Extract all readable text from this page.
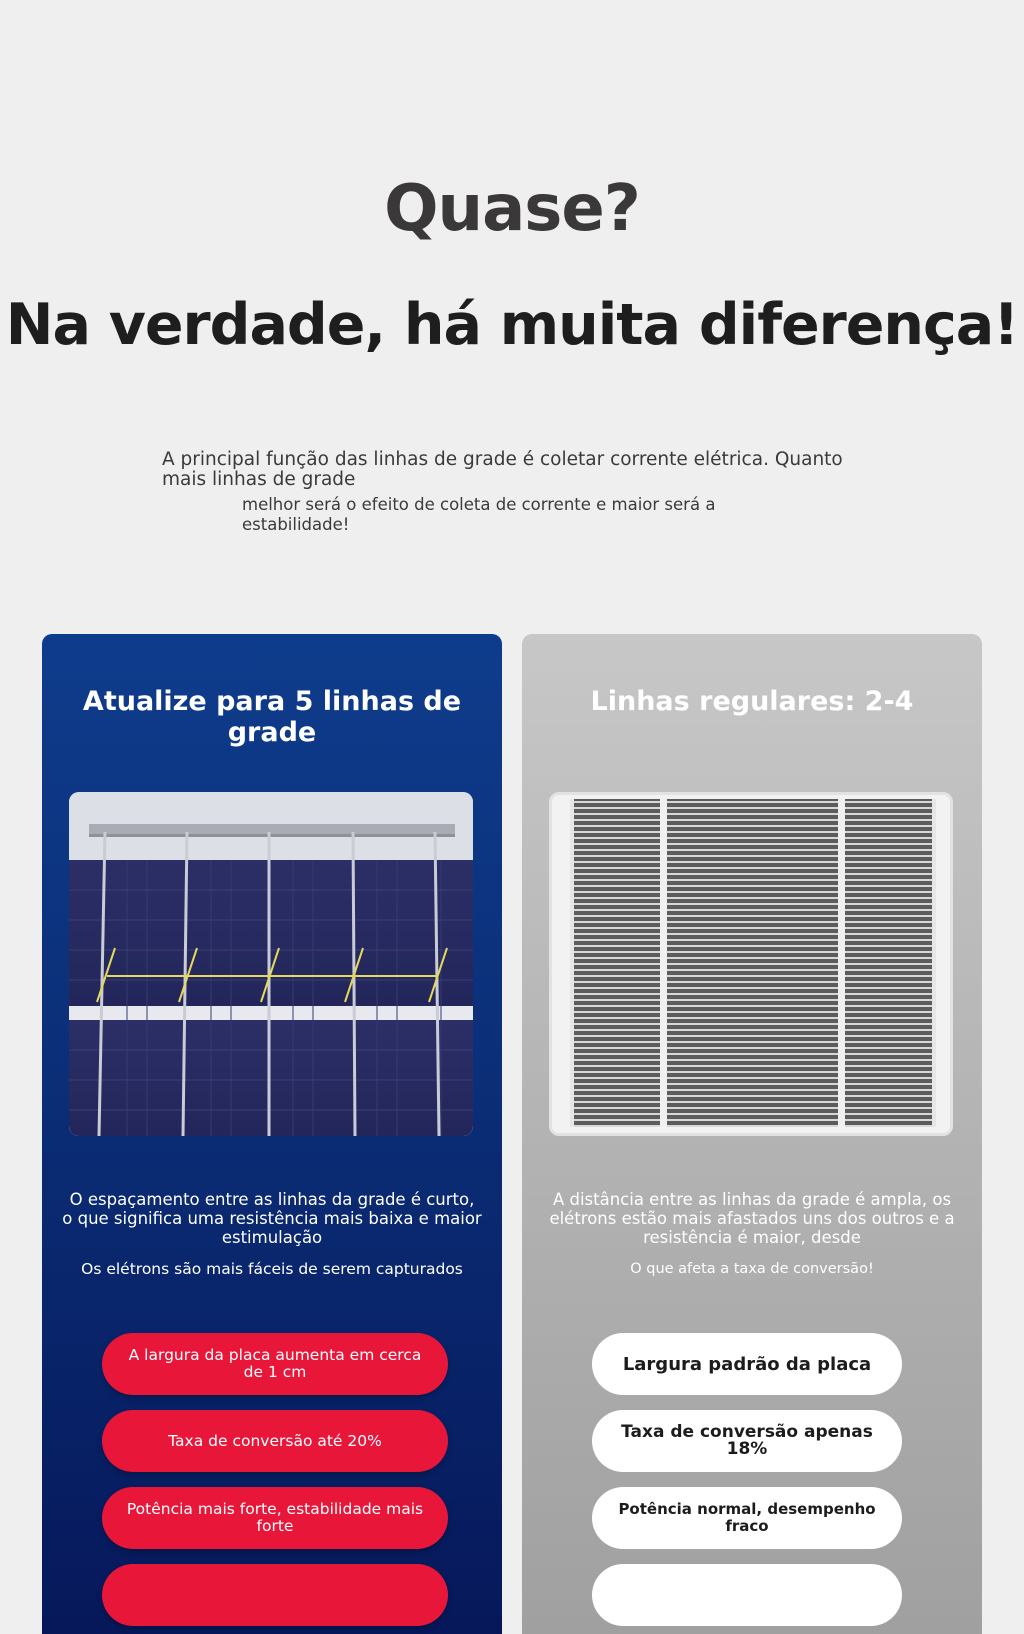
Quase?
Na verdade, há muita diferença!
A principal função das linhas de grade é coletar corrente elétrica. Quanto mais linhas de grade
melhor será o efeito de coleta de corrente e maior será a estabilidade!
Atualize para 5 linhas de grade
O espaçamento entre as linhas da grade é curto, o que significa uma resistência mais baixa e maior estimulação
Os elétrons são mais fáceis de serem capturados
A largura da placa aumenta em cerca de 1 cm
Taxa de conversão até 20%
Potência mais forte, estabilidade mais forte
Linhas regulares: 2-4
A distância entre as linhas da grade é ampla, os elétrons estão mais afastados uns dos outros e a resistência é maior, desde
O que afeta a taxa de conversão!
Largura padrão da placa
Taxa de conversão apenas 18%
Potência normal, desempenho fraco
